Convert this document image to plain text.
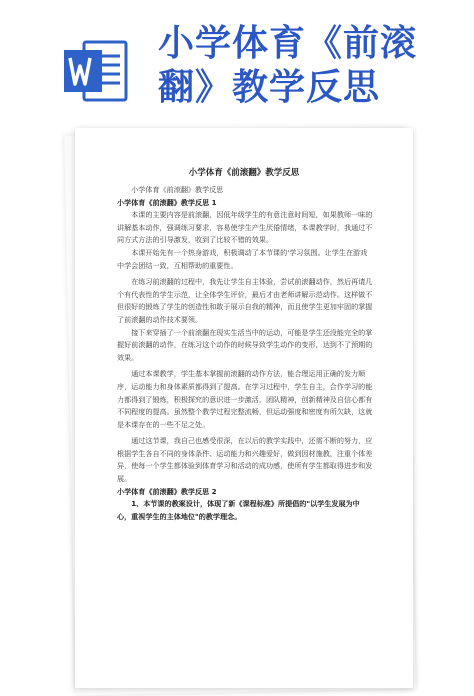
小学体育《前滚翻》教学反思
小学体育《前滚翻》教学反思

小学体育《前滚翻》教学反思

小学体育《前滚翻》教学反思 1

本课的主要内容是前滚翻，因低年级学生的有意注意时间短，如果教师一味的讲解基本动作，强调练习要求，容易使学生产生厌倦情绪，本课教学时，我通过不同方式方法的引导激发，收到了比较不错的效果。

本课开始先有一个热身游戏，积极调动了本节课的'学习氛围。让学生在游戏中学会团结一致，互相帮助的重要性。

在练习前滚翻的过程中，我先让学生自主体验，尝试前滚翻动作，然后再请几个有代表性的学生示范，让全体学生评价，最后才由老师讲解示范动作。这样做不但很好的锻炼了学生的创造性和敢于展示自我的精神，而且使学生更加牢固的掌握了前滚翻的动作技术要领。

接下来穿插了一个前滚翻在现实生活当中的运动，可能是学生还没能完全的掌握好前滚翻的动作，在练习这个动作的时候导致学生动作的变形，达到不了预期的效果。

通过本课教学，学生基本掌握前滚翻的动作方法，能合理运用正确的发力顺序，运动能力和身体素质都得到了提高。在学习过程中，学生自主，合作学习的能力都得到了锻炼，积极探究的意识进一步激活，团队精神，创新精神及自信心都有不同程度的提高。虽然整个教学过程完整流畅，但运动强度和密度有所欠缺，这就是本课存在的一些不足之处。

通过这节课，我自己也感受很深，在以后的教学实践中，还需不断的努力，应根据学生各自不同的身体条件、运动能力和兴趣爱好，做到因材施教，注重个体差异，使每一个学生都体验到体育学习和活动的成功感，使所有学生都取得进步和发展。

小学体育《前滚翻》教学反思 2

1、本节课的教案设计，体现了新《课程标准》所提倡的"以学生发展为中心，重视学生的主体地位"的教学理念。
